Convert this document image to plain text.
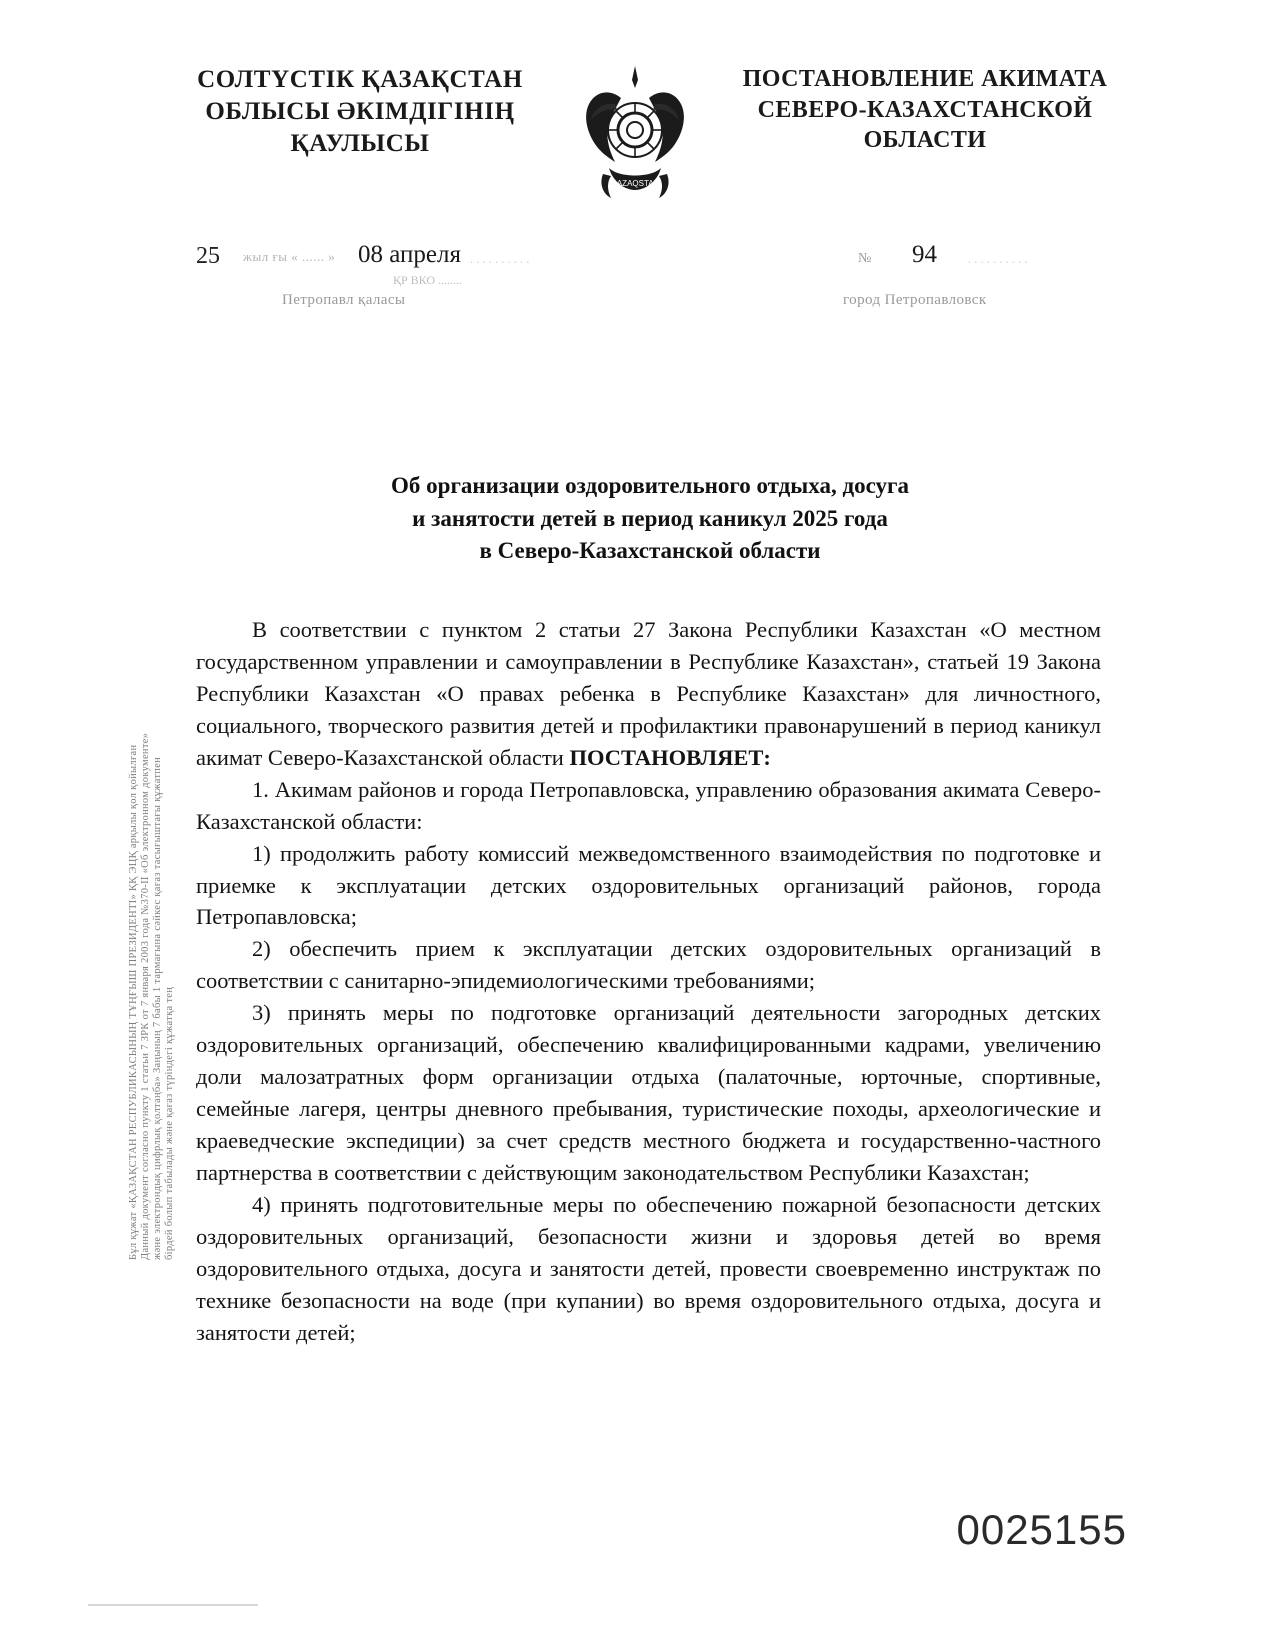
СОЛТҮСТІК ҚАЗАҚСТАН ОБЛЫСЫ ӘКІМДІГІНІҢ ҚАУЛЫСЫ
QAZAQSTAN
ПОСТАНОВЛЕНИЕ АКИМАТА СЕВЕРО-КАЗАХСТАНСКОЙ ОБЛАСТИ
25 жыл ғы « ...... » 08 апреля ..........
ҚР ВКО ........
Петропавл қаласы
№ 94 ..........
город Петропавловск
Бұл құжат «ҚАЗАҚСТАН РЕСПУБЛИКАСЫНЫҢ ТҰҢҒЫШ ПРЕЗИДЕНТІ» ҚҚ ЭЦҚ арқылы қол қойылған Данный документ согласно пункту 1 статьи 7 ЗРК от 7 января 2003 года №370-II «Об электронном документе» және электрондық цифрлық қолтаңба» Заңының 7 бабы 1 тармағына сәйкес қағаз тасығыштағы құжатпен бірдей болып табылады және қағаз түріндегі құжатқа тең
Об организации оздоровительного отдыха, досуга
и занятости детей в период каникул 2025 года
в Северо-Казахстанской области

В соответствии с пунктом 2 статьи 27 Закона Республики Казахстан «О местном государственном управлении и самоуправлении в Республике Казахстан», статьей 19 Закона Республики Казахстан «О правах ребенка в Республике Казахстан» для личностного, социального, творческого развития детей и профилактики правонарушений в период каникул акимат Северо-Казахстанской области ПОСТАНОВЛЯЕТ:

1. Акимам районов и города Петропавловска, управлению образования акимата Северо-Казахстанской области:

1) продолжить работу комиссий межведомственного взаимодействия по подготовке и приемке к эксплуатации детских оздоровительных организаций районов, города Петропавловска;

2) обеспечить прием к эксплуатации детских оздоровительных организаций в соответствии с санитарно-эпидемиологическими требованиями;

3) принять меры по подготовке организаций деятельности загородных детских оздоровительных организаций, обеспечению квалифицированными кадрами, увеличению доли малозатратных форм организации отдыха (палаточные, юрточные, спортивные, семейные лагеря, центры дневного пребывания, туристические походы, археологические и краеведческие экспедиции) за счет средств местного бюджета и государственно-частного партнерства в соответствии с действующим законодательством Республики Казахстан;

4) принять подготовительные меры по обеспечению пожарной безопасности детских оздоровительных организаций, безопасности жизни и здоровья детей во время оздоровительного отдыха, досуга и занятости детей, провести своевременно инструктаж по технике безопасности на воде (при купании) во время оздоровительного отдыха, досуга и занятости детей;

0025155
